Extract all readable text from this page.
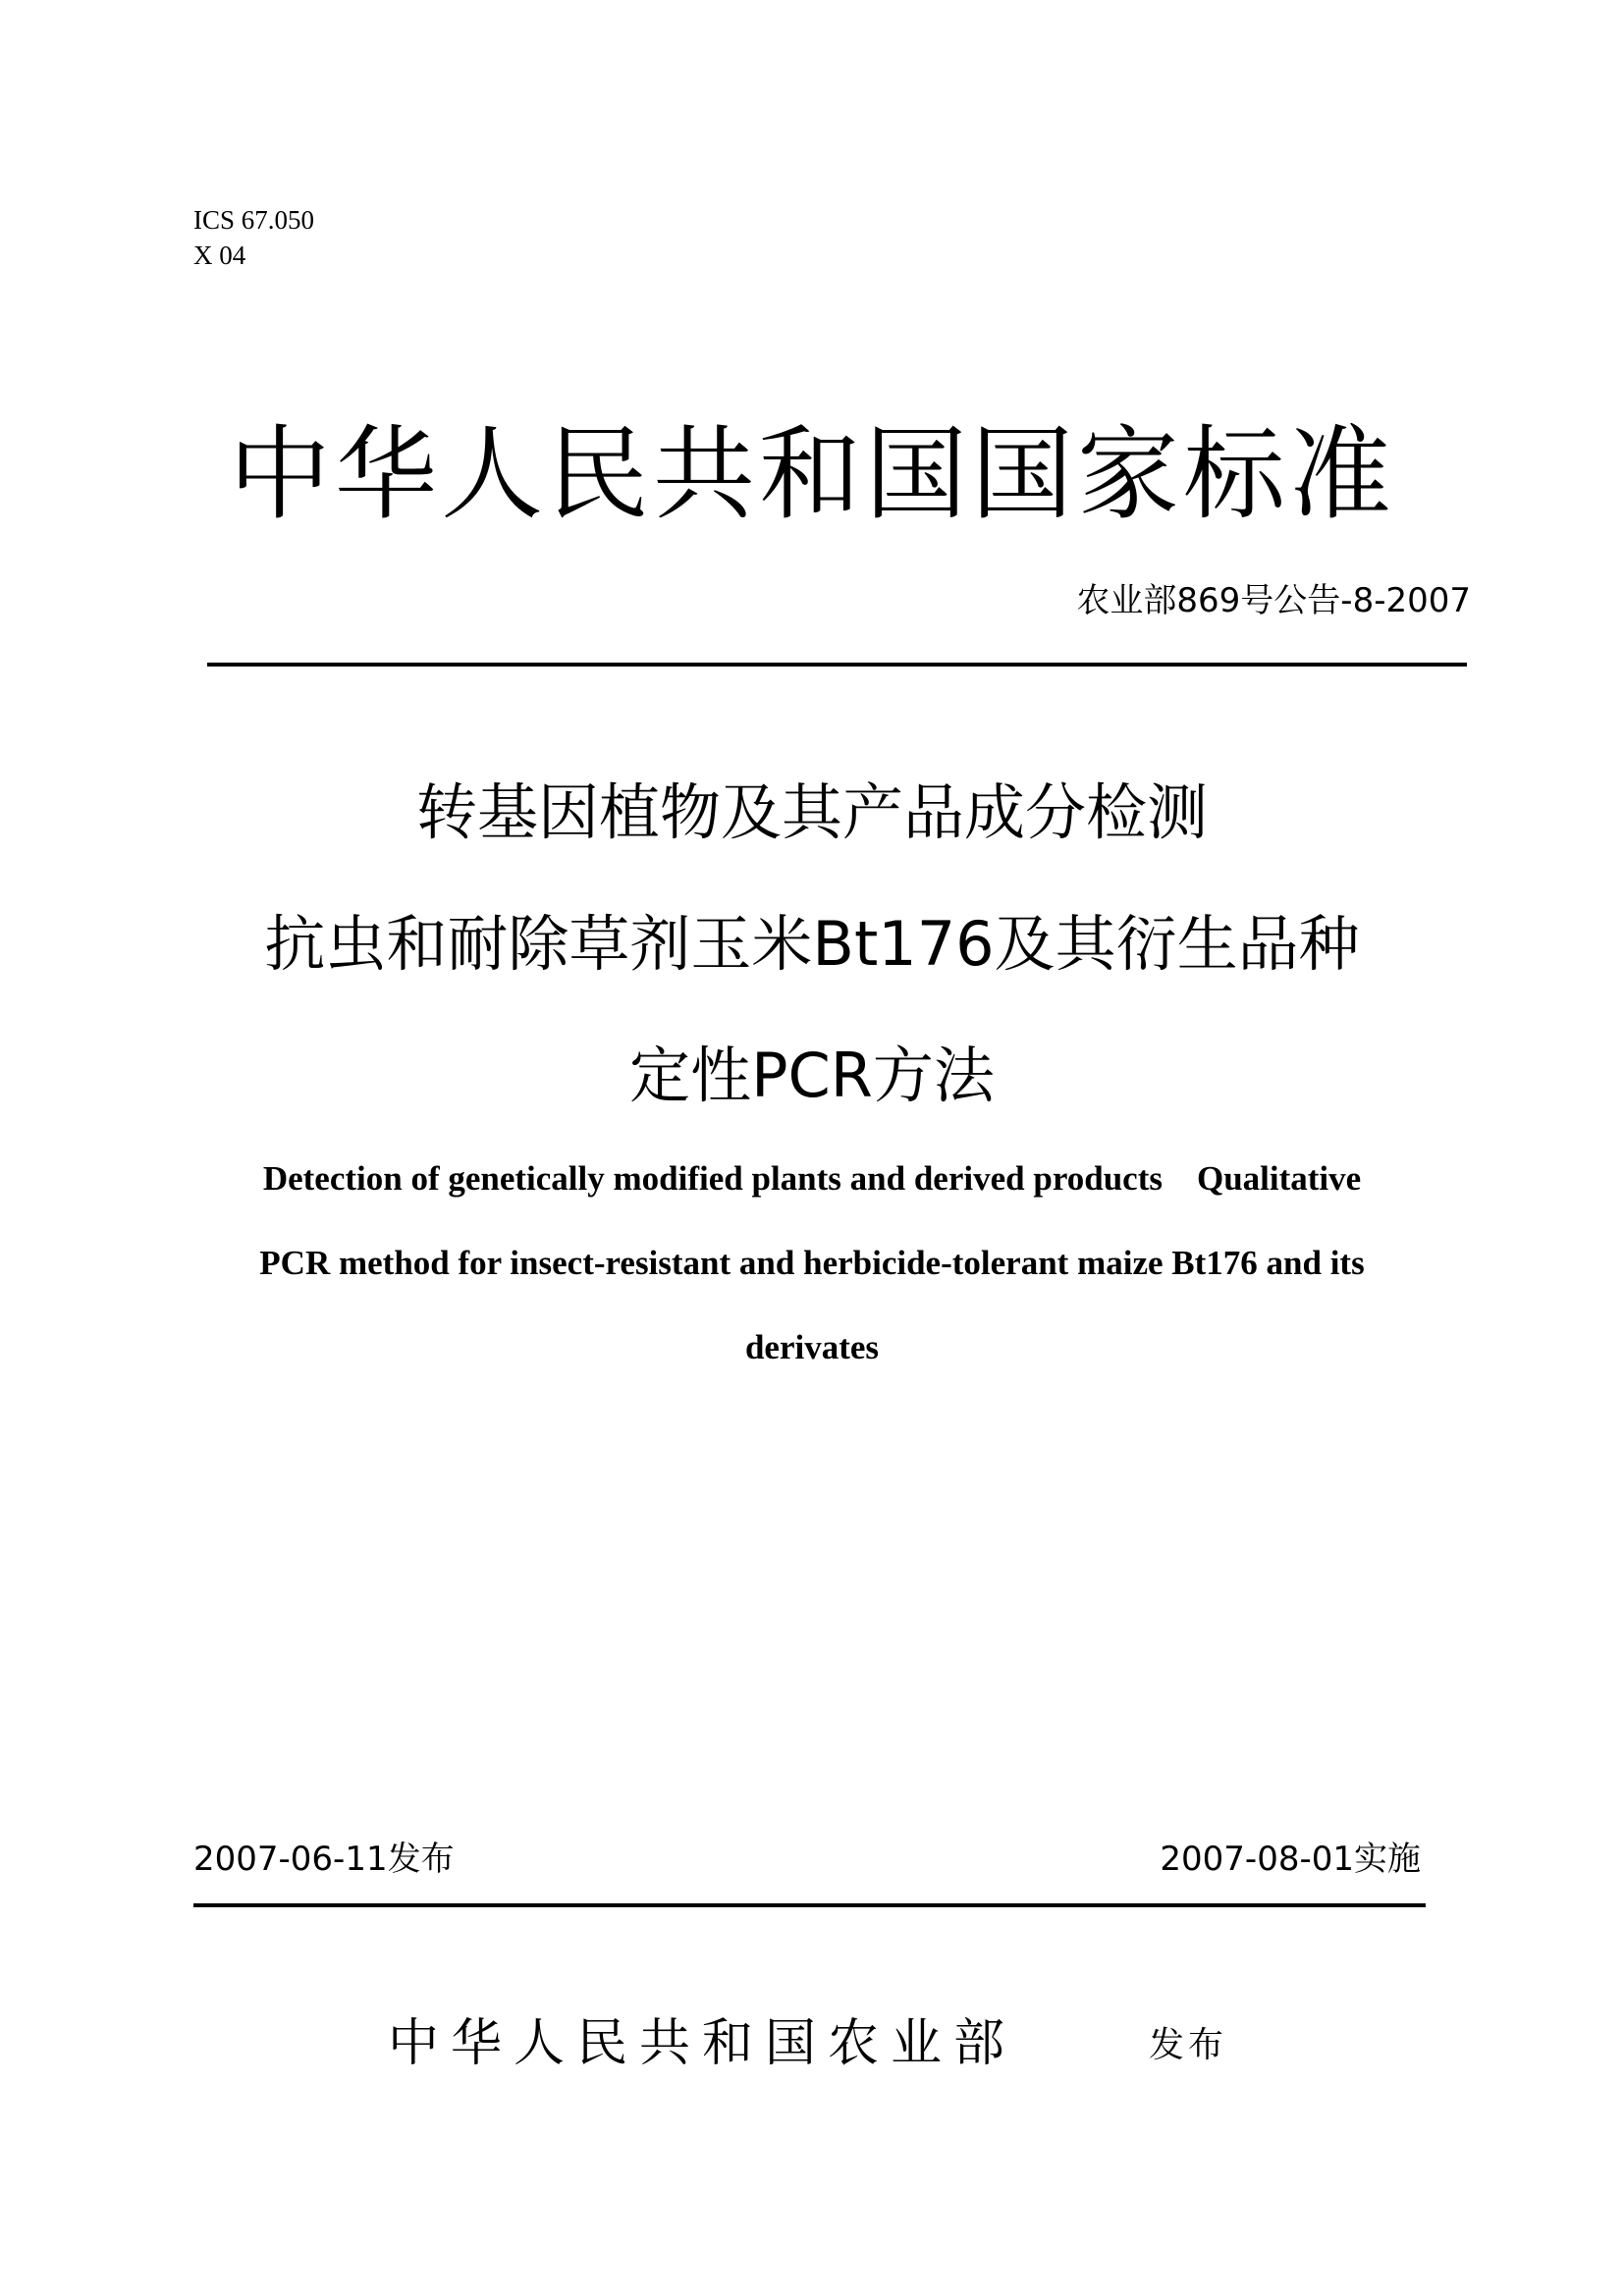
ICS 67.050
X 04
中华人民共和国国家标准
农业部869号公告-8-2007
转基因植物及其产品成分检测
抗虫和耐除草剂玉米Bt176及其衍生品种
定性PCR方法
Detection of genetically modified plants and derived products    Qualitative
PCR method for insect-resistant and herbicide-tolerant maize Bt176 and its
derivates
2007-06-11发布	2007-08-01实施
中华人民共和国农业部	发布
